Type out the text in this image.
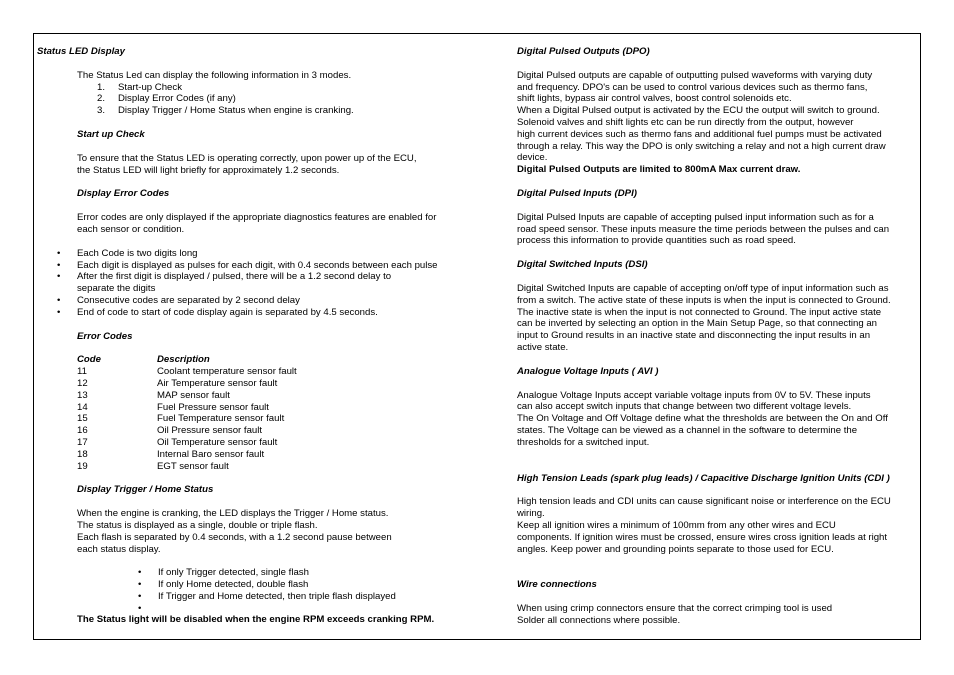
Status LED Display

The Status Led can display the following information in 3 modes.

1. Start-up Check
2. Display Error Codes (if any)
3. Display Trigger / Home Status when engine is cranking.

Start up Check

To ensure that the Status LED is operating correctly, upon power up of the ECU,

the Status LED will light briefly for approximately 1.2 seconds.

Display Error Codes

Error codes are only displayed if the appropriate diagnostics features are enabled for

each sensor or condition.

• Each Code is two digits long
• Each digit is displayed as pulses for each digit, with 0.4 seconds between each pulse
• After the first digit is displayed / pulsed, there will be a 1.2 second delay to

separate the digits

• Consecutive codes are separated by 2 second delay
• End of code to start of code display again is separated by 4.5 seconds.

Error Codes

Code	Description
11	Coolant temperature sensor fault
12	Air Temperature sensor fault
13	MAP sensor fault
14	Fuel Pressure sensor fault
15	Fuel Temperature sensor fault
16	Oil Pressure sensor fault
17	Oil Temperature sensor fault
18	Internal Baro sensor fault
19	EGT sensor fault

Display Trigger / Home Status

When the engine is cranking, the LED displays the Trigger / Home status.

The status is displayed as a single, double or triple flash.

Each flash is separated by 0.4 seconds, with a 1.2 second pause between

each status display.

• If only Trigger detected, single flash
• If only Home detected, double flash
• If Trigger and Home detected, then triple flash displayed
•

The Status light will be disabled when the engine RPM exceeds cranking RPM.

Digital Pulsed Outputs (DPO)

Digital Pulsed outputs are capable of outputting pulsed waveforms with varying duty

and frequency. DPO's can be used to control various devices such as thermo fans,

shift lights, bypass air control valves, boost control solenoids etc.

When a Digital Pulsed output is activated by the ECU the output will switch to ground.

Solenoid valves and shift lights etc can be run directly from the output, however

high current devices such as thermo fans and additional fuel pumps must be activated

through a relay. This way the DPO is only switching a relay and not a high current draw

device.

Digital Pulsed Outputs are limited to 800mA Max current draw.

Digital Pulsed Inputs (DPI)

Digital Pulsed Inputs are capable of accepting pulsed input information such as for a

road speed sensor. These inputs measure the time periods between the pulses and can

process this information to provide quantities such as road speed.

Digital Switched Inputs (DSI)

Digital Switched Inputs are capable of accepting on/off type of input information such as

from a switch. The active state of these inputs is when the input is connected to Ground.

The inactive state is when the input is not connected to Ground. The input active state

can be inverted by selecting an option in the Main Setup Page, so that connecting an

input to Ground results in an inactive state and disconnecting the input results in an

active state.

Analogue Voltage Inputs ( AVI )

Analogue Voltage Inputs accept variable voltage inputs from 0V to 5V. These inputs

can also accept switch inputs that change between two different voltage levels.

The On Voltage and Off Voltage define what the thresholds are between the On and Off

states. The Voltage can be viewed as a channel in the software to determine the

thresholds for a switched input.

High Tension Leads (spark plug leads) / Capacitive Discharge Ignition Units (CDI )

High tension leads and CDI units can cause significant noise or interference on the ECU

wiring.

Keep all ignition wires a minimum of 100mm from any other wires and ECU

components. If ignition wires must be crossed, ensure wires cross ignition leads at right

angles. Keep power and grounding points separate to those used for ECU.

Wire connections

When using crimp connectors ensure that the correct crimping tool is used

Solder all connections where possible.
